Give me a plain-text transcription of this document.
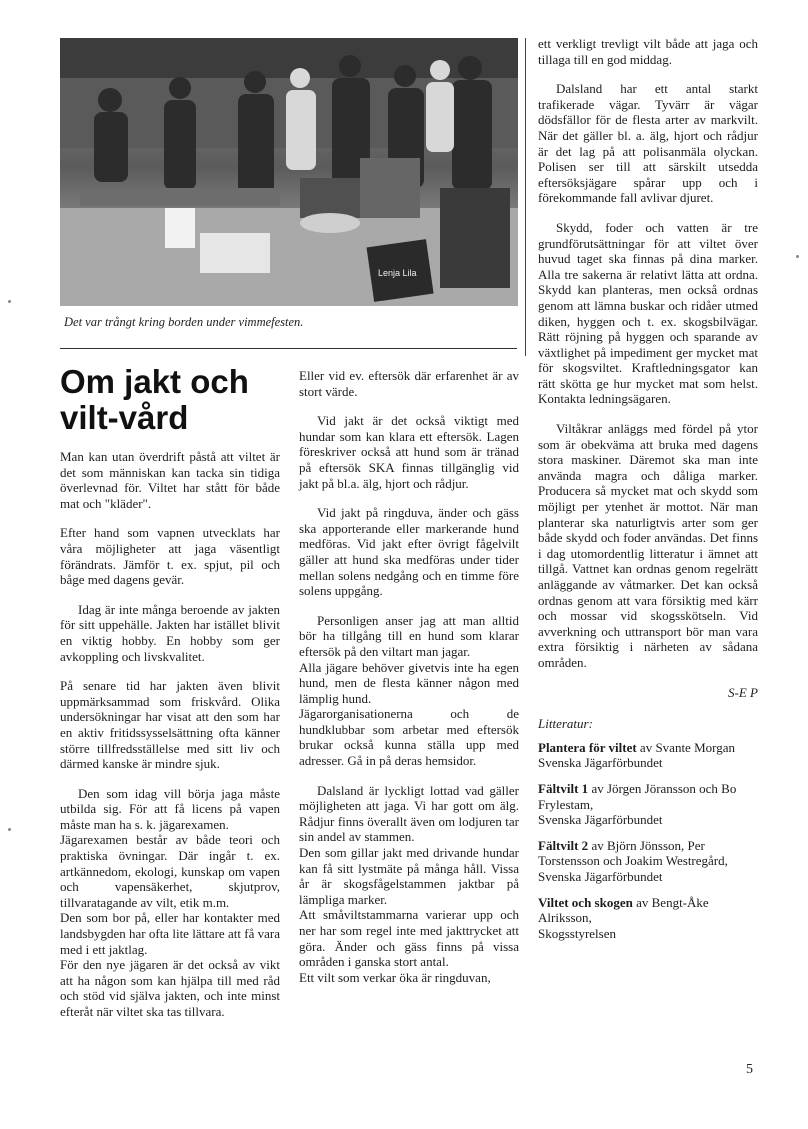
Lenja Lila
Det var trångt kring borden under vimmefesten.
Om jakt och vilt-vård

Man kan utan överdrift påstå att viltet är det som människan kan tacka sin tidiga överlevnad för. Viltet har stått för både mat och "kläder".

Efter hand som vapnen utvecklats har våra möjligheter att jaga väsentligt förändrats. Jämför t. ex. spjut, pil och båge med dagens gevär.

Idag är inte många beroende av jakten för sitt uppehälle. Jakten har istället blivit en viktig hobby. En hobby som ger avkoppling och livskvalitet.

På senare tid har jakten även blivit uppmärksammad som friskvård. Olika undersökningar har visat att den som har en aktiv fritidssysselsättning ofta känner större tillfredsställelse med sitt liv och därmed kanske är mindre sjuk.

Den som idag vill börja jaga måste utbilda sig. För att få licens på vapen måste man ha s. k. jägarexamen.

Jägarexamen består av både teori och praktiska övningar. Där ingår t. ex. artkännedom, ekologi, kunskap om vapen och vapensäkerhet, skjutprov, tillvaratagande av vilt, etik m.m.

Den som bor på, eller har kontakter med landsbygden har ofta lite lättare att få vara med i ett jaktlag.

För den nye jägaren är det också av vikt att ha någon som kan hjälpa till med råd och stöd vid själva jakten, och inte minst efteråt när viltet ska tas tillvara.

Eller vid ev. eftersök där erfarenhet är av stort värde.

Vid jakt är det också viktigt med hundar som kan klara ett eftersök. Lagen föreskriver också att hund som är tränad på eftersök SKA finnas tillgänglig vid jakt på bl.a. älg, hjort och rådjur.

Vid jakt på ringduva, änder och gäss ska apporterande eller markerande hund medföras. Vid jakt efter övrigt fågelvilt gäller att hund ska medföras under tider mellan solens nedgång och en timme före solens uppgång.

Personligen anser jag att man alltid bör ha tillgång till en hund som klarar eftersök på den viltart man jagar.

Alla jägare behöver givetvis inte ha egen hund, men de flesta känner någon med lämplig hund.

Jägarorganisationerna och de hundklubbar som arbetar med eftersök brukar också kunna ställa upp med adresser. Gå in på deras hemsidor.

Dalsland är lyckligt lottad vad gäller möjligheten att jaga. Vi har gott om älg. Rådjur finns överallt även om lodjuren tar sin andel av stammen.

Den som gillar jakt med drivande hundar kan få sitt lystmäte på många håll. Vissa år är skogsfågelstammen jaktbar på lämpliga marker.

Att småviltstammarna varierar upp och ner har som regel inte med jakttrycket att göra. Änder och gäss finns på vissa områden i ganska stort antal.

Ett vilt som verkar öka är ringduvan,

ett verkligt trevligt vilt både att jaga och tillaga till en god middag.

Dalsland har ett antal starkt trafikerade vägar. Tyvärr är vägar dödsfällor för de flesta arter av markvilt. När det gäller bl. a. älg, hjort och rådjur är det lag på att polisanmäla olyckan. Polisen ser till att särskilt utsedda eftersöksjägare spårar upp och i förekommande fall avlivar djuret.

Skydd, foder och vatten är tre grundförutsättningar för att viltet över huvud taget ska finnas på dina marker. Alla tre sakerna är relativt lätta att ordna. Skydd kan planteras, men också ordnas genom att lämna buskar och ridåer utmed diken, hyggen och t. ex. skogsbilvägar. Rätt röjning på hyggen och sparande av växtlighet på impediment ger mycket mat för skogsviltet. Kraftledningsgator kan rätt skötta ge hur mycket mat som helst. Kontakta ledningsägaren.

Viltåkrar anläggs med fördel på ytor som är obekväma att bruka med dagens stora maskiner. Däremot ska man inte använda magra och dåliga marker. Producera så mycket mat och skydd som möjligt per ytenhet är mottot. När man planterar ska naturligtvis arter som ger både skydd och foder användas. Det finns i dag utomordentlig litteratur i ämnet att tillgå. Vattnet kan ordnas genom regelrätt anläggande av våtmarker. Det kan också ordnas genom att vara försiktig med kärr och mossar vid skogsskötseln. Vid avverkning och uttransport bör man vara extra försiktig i närheten av sådana områden.

S-E P
Litteratur:
Plantera för viltet av Svante Morgan
Svenska Jägarförbundet
Fältvilt 1 av Jörgen Jöransson och Bo Frylestam,
Svenska Jägarförbundet
Fältvilt 2 av Björn Jönsson, Per Torstensson och Joakim Westregård,
Svenska Jägarförbundet
Viltet och skogen av Bengt-Åke Alriksson,
Skogsstyrelsen
5
